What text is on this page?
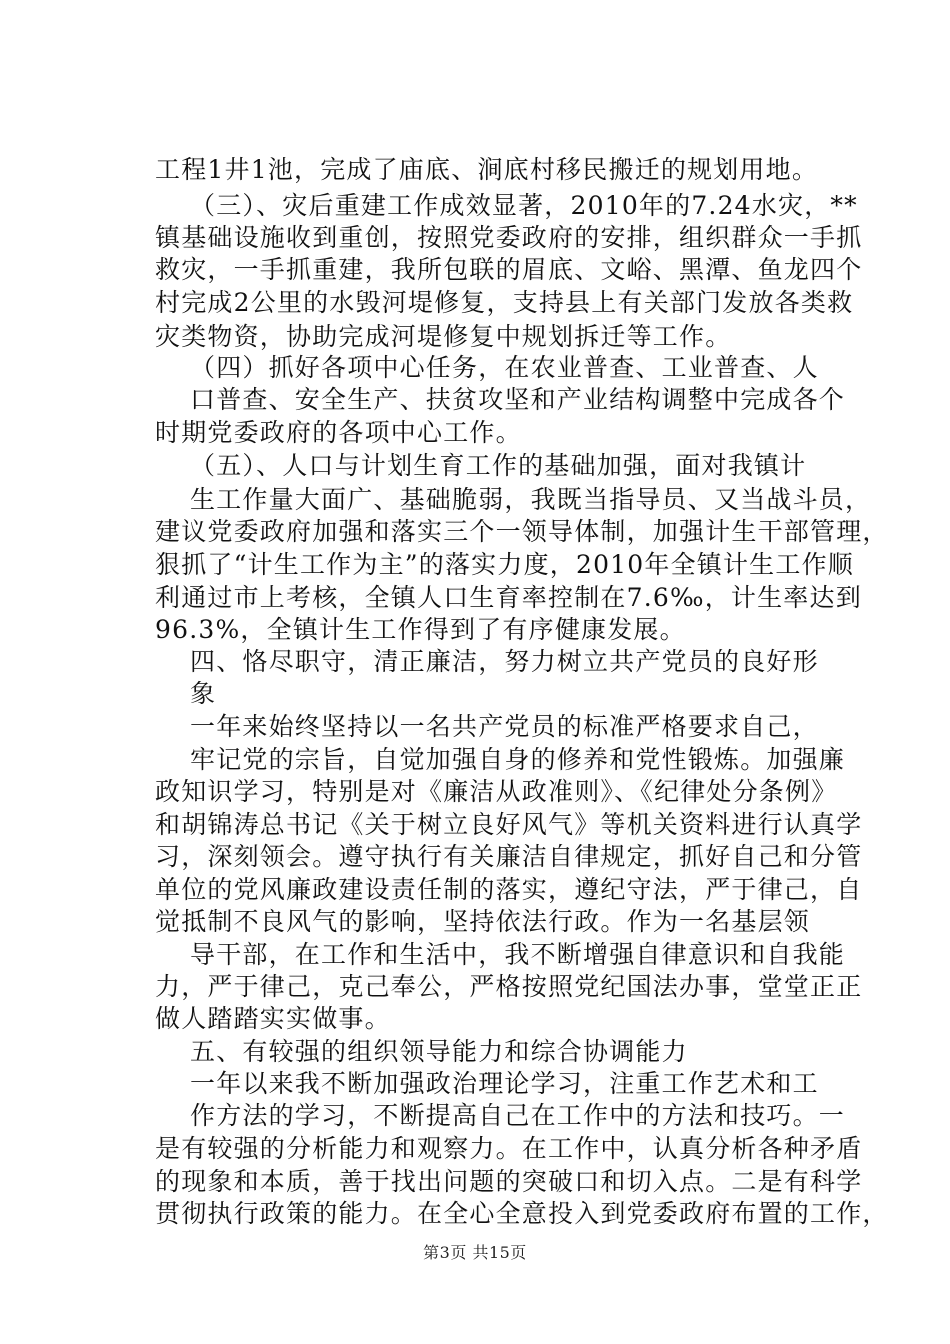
工程1井1池，完成了庙底、涧底村移民搬迁的规划用地。
（三）、灾后重建工作成效显著，2010年的7.24水灾，**
镇基础设施收到重创，按照党委政府的安排，组织群众一手抓
救灾，一手抓重建，我所包联的眉底、文峪、黑潭、鱼龙四个
村完成2公里的水毁河堤修复，支持县上有关部门发放各类救
灾类物资，协助完成河堤修复中规划拆迁等工作。
（四）抓好各项中心任务，在农业普查、工业普查、人
口普查、安全生产、扶贫攻坚和产业结构调整中完成各个
时期党委政府的各项中心工作。
（五）、人口与计划生育工作的基础加强，面对我镇计
生工作量大面广、基础脆弱，我既当指导员、又当战斗员，
建议党委政府加强和落实三个一领导体制，加强计生干部管理，
狠抓了“计生工作为主”的落实力度，2010年全镇计生工作顺
利通过市上考核，全镇人口生育率控制在7.6‰，计生率达到
96.3%，全镇计生工作得到了有序健康发展。
四、恪尽职守，清正廉洁，努力树立共产党员的良好形
象
一年来始终坚持以一名共产党员的标准严格要求自己，
牢记党的宗旨，自觉加强自身的修养和党性锻炼。加强廉
政知识学习，特别是对《廉洁从政准则》、《纪律处分条例》
和胡锦涛总书记《关于树立良好风气》等机关资料进行认真学
习，深刻领会。遵守执行有关廉洁自律规定，抓好自己和分管
单位的党风廉政建设责任制的落实，遵纪守法，严于律己，自
觉抵制不良风气的影响，坚持依法行政。作为一名基层领
导干部，在工作和生活中，我不断增强自律意识和自我能
力，严于律己，克己奉公，严格按照党纪国法办事，堂堂正正
做人踏踏实实做事。
五、有较强的组织领导能力和综合协调能力
一年以来我不断加强政治理论学习，注重工作艺术和工
作方法的学习，不断提高自己在工作中的方法和技巧。一
是有较强的分析能力和观察力。在工作中，认真分析各种矛盾
的现象和本质，善于找出问题的突破口和切入点。二是有科学
贯彻执行政策的能力。在全心全意投入到党委政府布置的工作，
第3页 共15页
